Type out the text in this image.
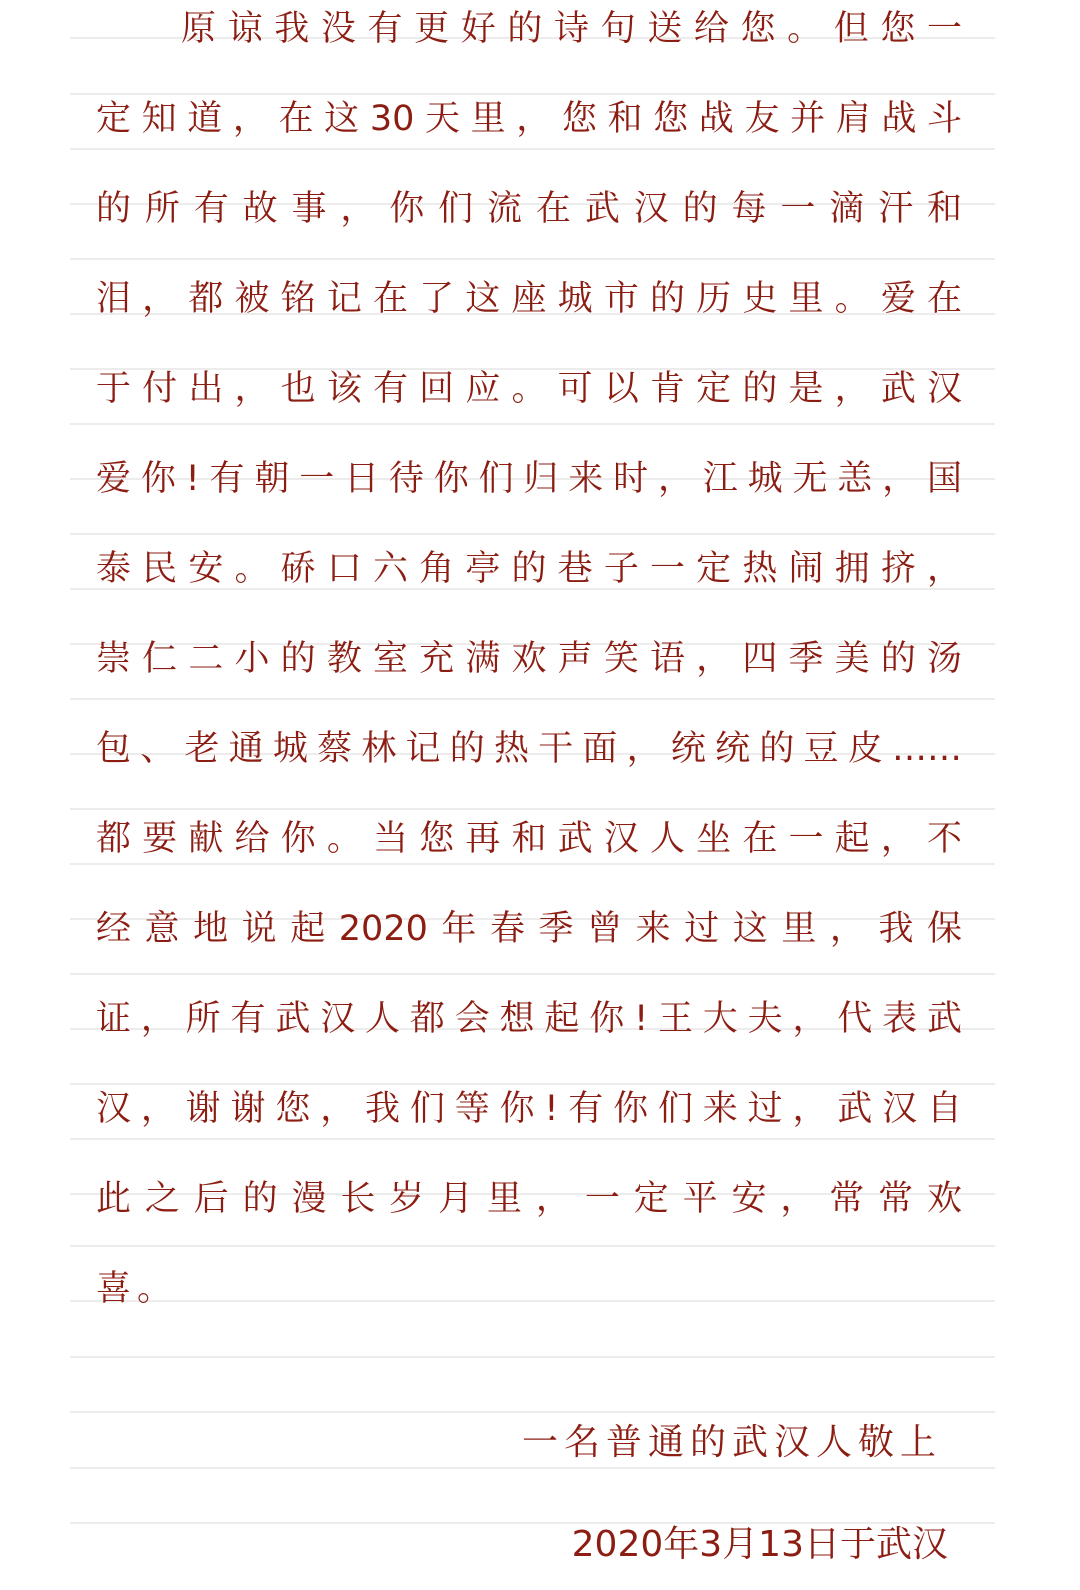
原谅我没有更好的诗句送给您。但您一
定知道，在这30天里，您和您战友并肩战斗
的所有故事，你们流在武汉的每一滴汗和
泪，都被铭记在了这座城市的历史里。爱在
于付出，也该有回应。可以肯定的是，武汉
爱你!有朝一日待你们归来时，江城无恙，国
泰民安。硚口六角亭的巷子一定热闹拥挤，
崇仁二小的教室充满欢声笑语，四季美的汤
包、老通城蔡林记的热干面，统统的豆皮……
都要献给你。当您再和武汉人坐在一起，不
经意地说起2020年春季曾来过这里，我保
证，所有武汉人都会想起你!王大夫，代表武
汉，谢谢您，我们等你!有你们来过，武汉自
此之后的漫长岁月里，一定平安，常常欢
喜。
一名普通的武汉人敬上
2020年3月13日于武汉
